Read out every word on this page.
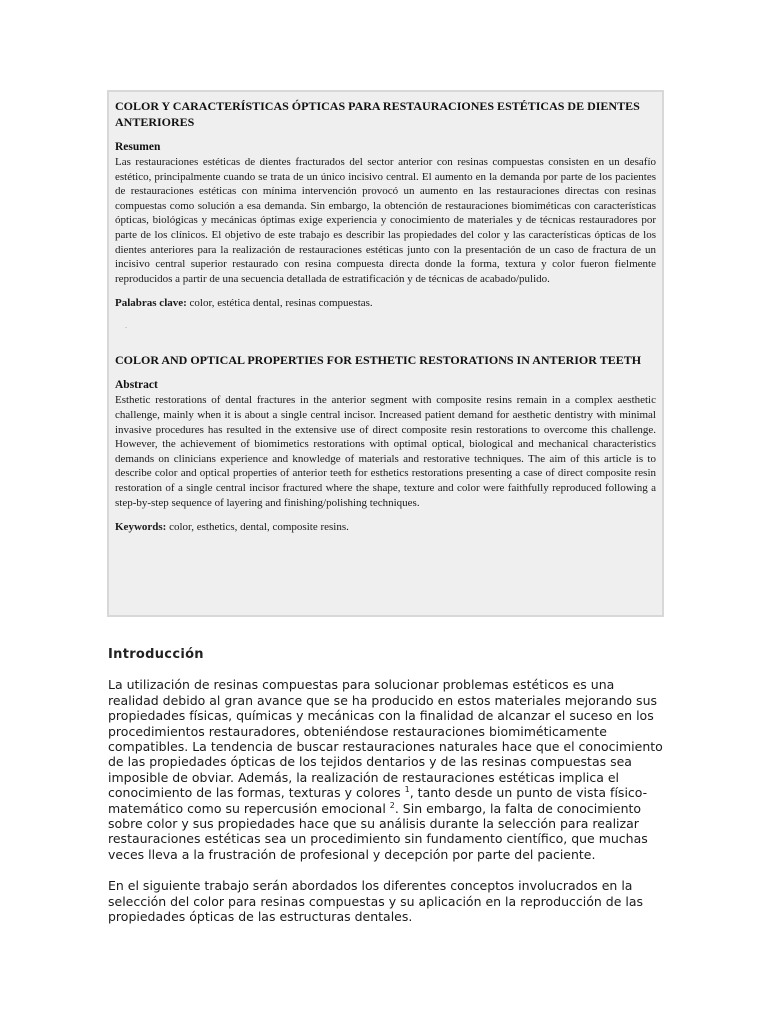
COLOR Y CARACTERÍSTICAS ÓPTICAS PARA RESTAURACIONES ESTÉTICAS DE DIENTES ANTERIORES
Resumen

Las restauraciones estéticas de dientes fracturados del sector anterior con resinas compuestas consisten en un desafío estético, principalmente cuando se trata de un único incisivo central. El aumento en la demanda por parte de los pacientes de restauraciones estéticas con mínima intervención provocó un aumento en las restauraciones directas con resinas compuestas como solución a esa demanda. Sin embargo, la obtención de restauraciones biomiméticas con características ópticas, biológicas y mecánicas óptimas exige experiencia y conocimiento de materiales y de técnicas restauradores por parte de los clínicos. El objetivo de este trabajo es describir las propiedades del color y las características ópticas de los dientes anteriores para la realización de restauraciones estéticas junto con la presentación de un caso de fractura de un incisivo central superior restaurado con resina compuesta directa donde la forma, textura y color fueron fielmente reproducidos a partir de una secuencia detallada de estratificación y de técnicas de acabado/pulido.

Palabras clave: color, estética dental, resinas compuestas.

.
COLOR AND OPTICAL PROPERTIES FOR ESTHETIC RESTORATIONS IN ANTERIOR TEETH
Abstract

Esthetic restorations of dental fractures in the anterior segment with composite resins remain in a complex aesthetic challenge, mainly when it is about a single central incisor. Increased patient demand for aesthetic dentistry with minimal invasive procedures has resulted in the extensive use of direct composite resin restorations to overcome this challenge. However, the achievement of biomimetics restorations with optimal optical, biological and mechanical characteristics demands on clinicians experience and knowledge of materials and restorative techniques. The aim of this article is to describe color and optical properties of anterior teeth for esthetics restorations presenting a case of direct composite resin restoration of a single central incisor fractured where the shape, texture and color were faithfully reproduced following a step-by-step sequence of layering and finishing/polishing techniques.

Keywords: color, esthetics, dental, composite resins.

Introducción

La utilización de resinas compuestas para solucionar problemas estéticos es una realidad debido al gran avance que se ha producido en estos materiales mejorando sus propiedades físicas, químicas y mecánicas con la finalidad de alcanzar el suceso en los procedimientos restauradores, obteniéndose restauraciones biomiméticamente compatibles. La tendencia de buscar restauraciones naturales hace que el conocimiento de las propiedades ópticas de los tejidos dentarios y de las resinas compuestas sea imposible de obviar. Además, la realización de restauraciones estéticas implica el conocimiento de las formas, texturas y colores $^1$, tanto desde un punto de vista físico-matemático como su repercusión emocional $^2$. Sin embargo, la falta de conocimiento sobre color y sus propiedades hace que su análisis durante la selección para realizar restauraciones estéticas sea un procedimiento sin fundamento científico, que muchas veces lleva a la frustración de profesional y decepción por parte del paciente.

En el siguiente trabajo serán abordados los diferentes conceptos involucrados en la selección del color para resinas compuestas y su aplicación en la reproducción de las propiedades ópticas de las estructuras dentales.
